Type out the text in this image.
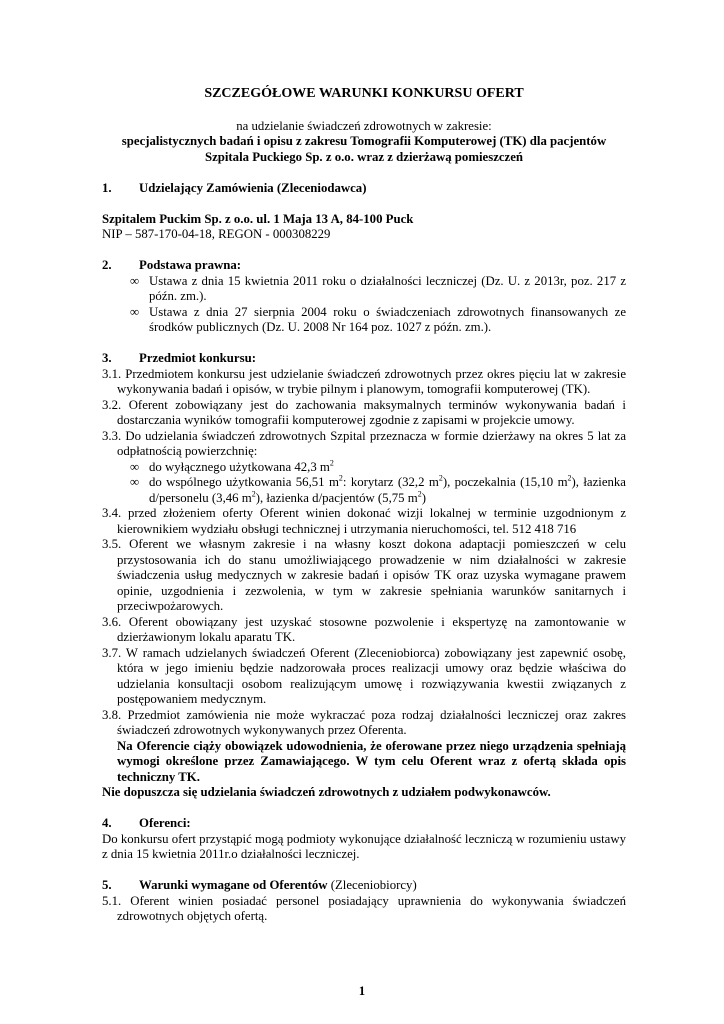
SZCZEGÓŁOWE WARUNKI KONKURSU OFERT

na udzielanie świadczeń zdrowotnych w zakresie:

specjalistycznych badań i opisu z zakresu Tomografii Komputerowej (TK) dla pacjentów

Szpitala Puckiego Sp. z o.o. wraz z dzierżawą pomieszczeń

1. Udzielający Zamówienia (Zleceniodawca)

Szpitalem Puckim Sp. z o.o. ul. 1 Maja 13 A, 84-100 Puck

NIP – 587-170-04-18, REGON - 000308229

2. Podstawa prawna:

∞ Ustawa z dnia 15 kwietnia 2011 roku o działalności leczniczej (Dz. U. z 2013r, poz. 217 z późn. zm.).

∞ Ustawa z dnia 27 sierpnia 2004 roku o świadczeniach zdrowotnych finansowanych ze środków publicznych (Dz. U. 2008 Nr 164 poz. 1027 z późn. zm.).

3. Przedmiot konkursu:

3.1. Przedmiotem konkursu jest udzielanie świadczeń zdrowotnych przez okres pięciu lat w zakresie wykonywania badań i opisów, w trybie pilnym i planowym, tomografii komputerowej (TK).

3.2. Oferent zobowiązany jest do zachowania maksymalnych terminów wykonywania badań i dostarczania wyników tomografii komputerowej zgodnie z zapisami w projekcie umowy.

3.3. Do udzielania świadczeń zdrowotnych Szpital przeznacza w formie dzierżawy na okres 5 lat za odpłatnością powierzchnię:

∞ do wyłącznego użytkowana 42,3 $m^2$

∞ do wspólnego użytkowania 56,51 $m^2$: korytarz (32,2 $m^2$), poczekalnia (15,10 $m^2$), łazienka d/personelu (3,46 $m^2$), łazienka d/pacjentów (5,75 $m^2$)

3.4. przed złożeniem oferty Oferent winien dokonać wizji lokalnej w terminie uzgodnionym z kierownikiem wydziału obsługi technicznej i utrzymania nieruchomości, tel. 512 418 716

3.5. Oferent we własnym zakresie i na własny koszt dokona adaptacji pomieszczeń w celu przystosowania ich do stanu umożliwiającego prowadzenie w nim działalności w zakresie świadczenia usług medycznych w zakresie badań i opisów TK oraz uzyska wymagane prawem opinie, uzgodnienia i zezwolenia, w tym w zakresie spełniania warunków sanitarnych i przeciwpożarowych.

3.6. Oferent obowiązany jest uzyskać stosowne pozwolenie i ekspertyzę na zamontowanie w dzierżawionym lokalu aparatu TK.

3.7. W ramach udzielanych świadczeń Oferent (Zleceniobiorca) zobowiązany jest zapewnić osobę, która w jego imieniu będzie nadzorowała proces realizacji umowy oraz będzie właściwa do udzielania konsultacji osobom realizującym umowę i rozwiązywania kwestii związanych z postępowaniem medycznym.

3.8. Przedmiot zamówienia nie może wykraczać poza rodzaj działalności leczniczej oraz zakres świadczeń zdrowotnych wykonywanych przez Oferenta.

Na Oferencie ciąży obowiązek udowodnienia, że oferowane przez niego urządzenia spełniają wymogi określone przez Zamawiającego. W tym celu Oferent wraz z ofertą składa opis techniczny TK.

Nie dopuszcza się udzielania świadczeń zdrowotnych z udziałem podwykonawców.

4. Oferenci:

Do konkursu ofert przystąpić mogą podmioty wykonujące działalność leczniczą w rozumieniu ustawy z dnia 15 kwietnia 2011r.o działalności leczniczej.

5. Warunki wymagane od Oferentów (Zleceniobiorcy)

5.1. Oferent winien posiadać personel posiadający uprawnienia do wykonywania świadczeń zdrowotnych objętych ofertą.

1
